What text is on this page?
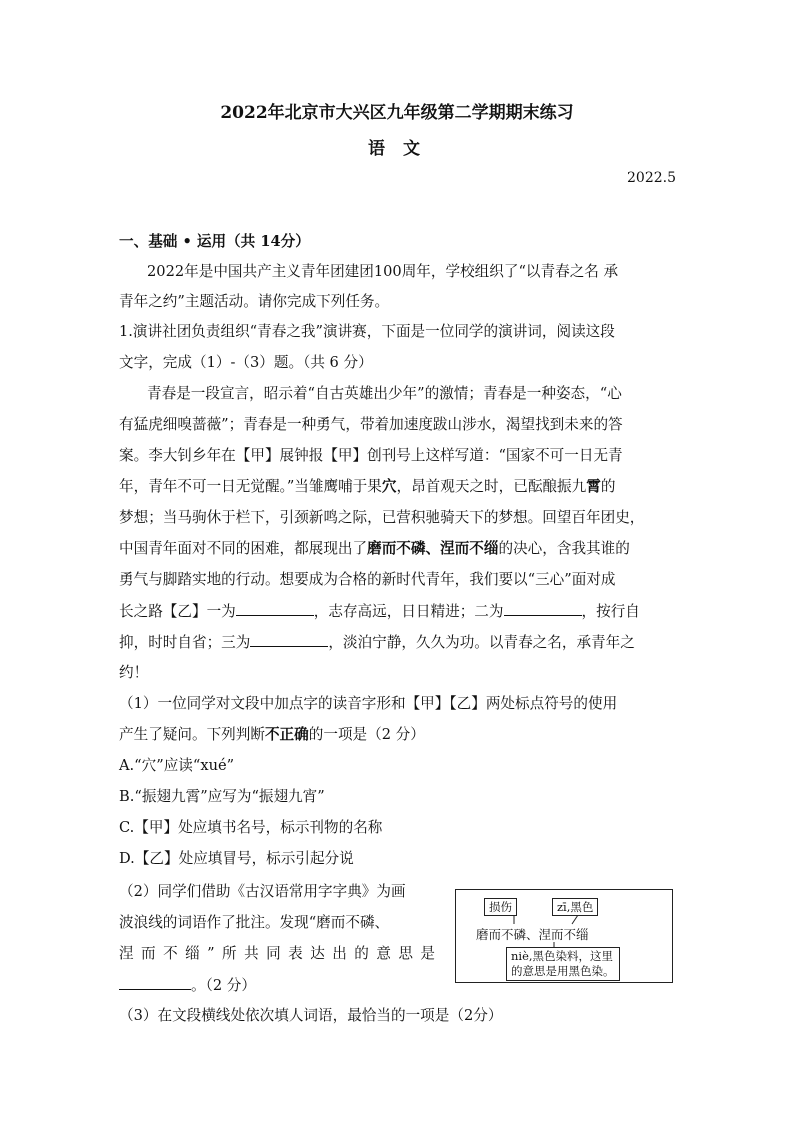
2022年北京市大兴区九年级第二学期期末练习
语 文
2022.5
一、基础 • 运用（共 14分）
2022年是中国共产主义青年团建团100周年，学校组织了“以青春之名 承
青年之约”主题活动。请你完成下列任务。
1.演讲社团负责组织“青春之我”演讲赛，下面是一位同学的演讲词，阅读这段
文字，完成（1）-（3）题。（共 6 分）
青春是一段宣言，昭示着“自古英雄出少年”的激情；青春是一种姿态，“心
有猛虎细嗅蔷薇”；青春是一种勇气，带着加速度跋山涉水，渴望找到未来的答
案。李大钊乡年在【甲】展钟报【甲】创刊号上这样写道：“国家不可一日无青
年，青年不可一日无觉醒。”当雏鹰哺于果穴，昂首观天之时，已酝酿振九霄的
梦想；当马驹休于栏下，引颈新鸣之际，已营积驰骑天下的梦想。回望百年团史，
中国青年面对不同的困难，都展现出了磨而不磷、涅而不缁的决心，含我其谁的
勇气与脚踏实地的行动。想要成为合格的新时代青年，我们要以“三心”面对成
长之路【乙】一为	，志存高远，日日精进；二为	，按行自
抑，时时自省；三为	，淡泊宁静，久久为功。以青春之名，承青年之
约！
（1）一位同学对文段中加点字的读音字形和【甲】【乙】两处标点符号的使用
产生了疑问。下列判断不正确的一项是（2 分）
A.“穴”应读“xué”
B.“振翅九霄”应写为“振翅九宵”
C.【甲】处应填书名号，标示刊物的名称
D.【乙】处应填冒号，标示引起分说
（2）同学们借助《古汉语常用字字典》为画
波浪线的词语作了批注。发现“磨而不磷、
涅而不缁”所共同表达出的意思是
。（2 分）
损伤	zī,黑色
磨而不磷、涅而不缁
niè,黑色染料，这里
的意思是用黑色染。
（3）在文段横线处依次填人词语，最恰当的一项是（2分）
